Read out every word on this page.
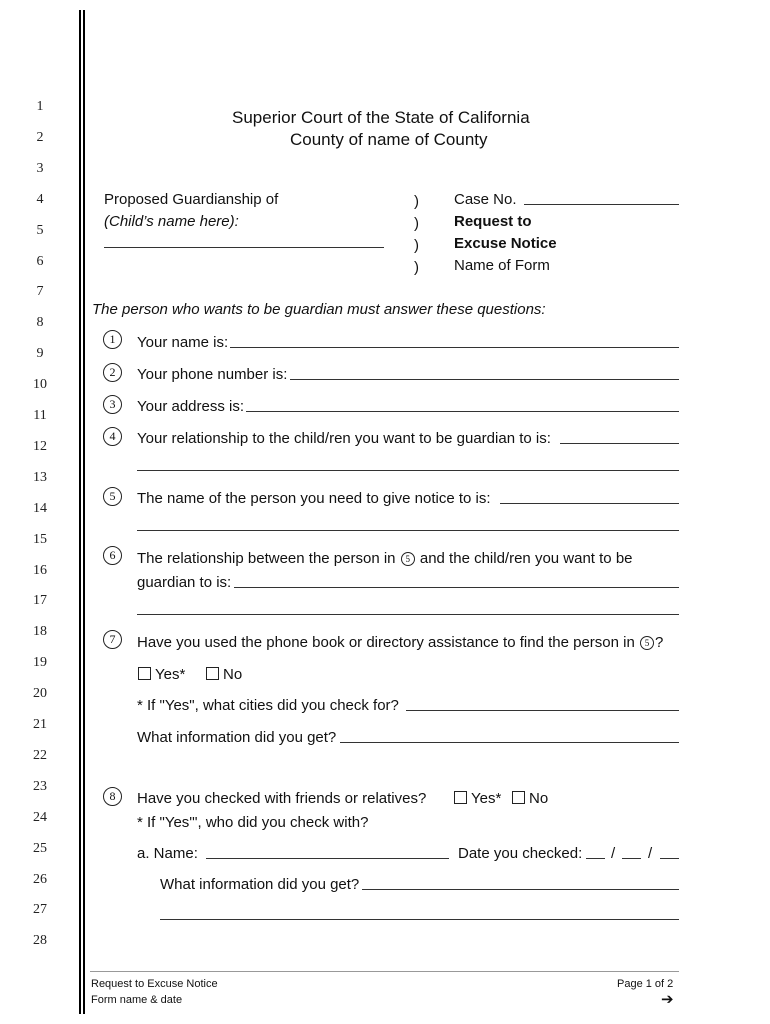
1
2
3
4
5
6
7
8
9
10
11
12
13
14
15
16
17
18
19
20
21
22
23
24
25
26
27
28
Superior Court of the State of California
County of name of County
Proposed Guardianship of
(Child’s name here):
)
)
)
)
Case No.
Request to
Excuse Notice
Name of Form
The person who wants to be guardian must answer these questions:
1	Your name is:
2	Your phone number is:
3	Your address is:
4	Your relationship to the child/ren you want to be guardian to is:
5	The name of the person you need to give notice to is:
6	The relationship between the person in 5 and the child/ren you want to be
guardian to is:
7	Have you used the phone book or directory assistance to find the person in 5 ?
Yes*	No
* If "Yes", what cities did you check for?
What information did you get?
8	Have you checked with friends or relatives?	Yes*	No
* If "Yes'", who did you check with?
a. Name:	Date you checked: / /
What information did you get?
Request to Excuse Notice
Form name & date
Page 1 of 2
➔
